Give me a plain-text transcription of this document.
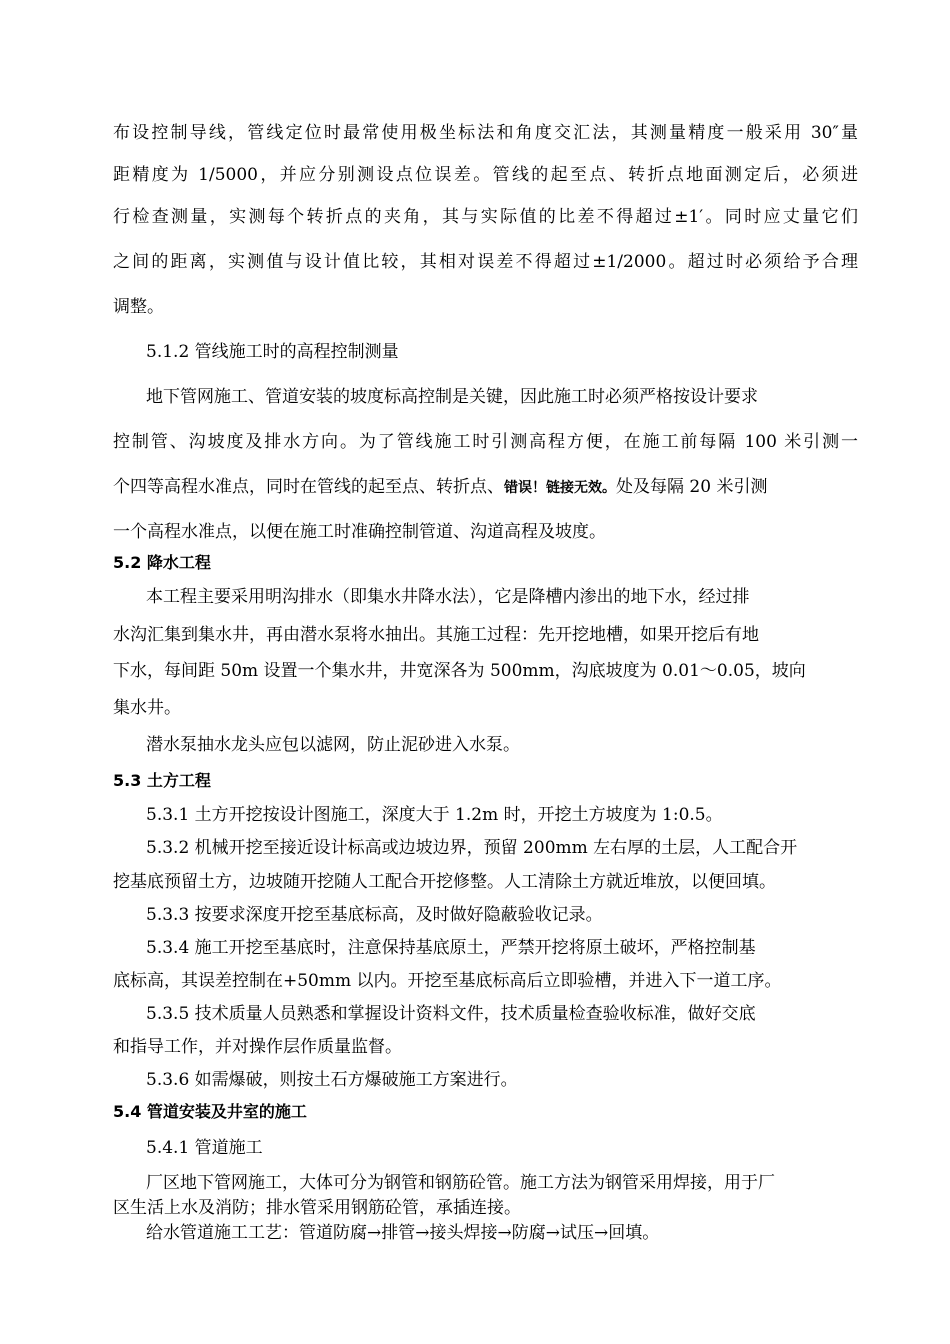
布设控制导线，管线定位时最常使用极坐标法和角度交汇法，其测量精度一般采用 30″量
距精度为 1/5000，并应分别测设点位误差。管线的起至点、转折点地面测定后，必须进
行检查测量，实测每个转折点的夹角，其与实际值的比差不得超过±1′。同时应丈量它们
之间的距离，实测值与设计值比较，其相对误差不得超过±1/2000。超过时必须给予合理
调整。
5.1.2 管线施工时的高程控制测量
地下管网施工、管道安装的坡度标高控制是关键，因此施工时必须严格按设计要求
控制管、沟坡度及排水方向。为了管线施工时引测高程方便，在施工前每隔 100 米引测一
个四等高程水准点，同时在管线的起至点、转折点、错误！链接无效。处及每隔 20 米引测
一个高程水准点，以便在施工时准确控制管道、沟道高程及坡度。
5.2 降水工程
本工程主要采用明沟排水（即集水井降水法），它是降槽内渗出的地下水，经过排
水沟汇集到集水井，再由潜水泵将水抽出。其施工过程：先开挖地槽，如果开挖后有地
下水，每间距 50m 设置一个集水井，井宽深各为 500mm，沟底坡度为 0.01～0.05，坡向
集水井。
潜水泵抽水龙头应包以滤网，防止泥砂进入水泵。
5.3 土方工程
5.3.1 土方开挖按设计图施工，深度大于 1.2m 时，开挖土方坡度为 1:0.5。
5.3.2 机械开挖至接近设计标高或边坡边界，预留 200mm 左右厚的土层，人工配合开
挖基底预留土方，边坡随开挖随人工配合开挖修整。人工清除土方就近堆放，以便回填。
5.3.3 按要求深度开挖至基底标高，及时做好隐蔽验收记录。
5.3.4 施工开挖至基底时，注意保持基底原土，严禁开挖将原土破坏，严格控制基
底标高，其误差控制在+50mm 以内。开挖至基底标高后立即验槽，并进入下一道工序。
5.3.5 技术质量人员熟悉和掌握设计资料文件，技术质量检查验收标准，做好交底
和指导工作，并对操作层作质量监督。
5.3.6 如需爆破，则按土石方爆破施工方案进行。
5.4 管道安装及井室的施工
5.4.1 管道施工
厂区地下管网施工，大体可分为钢管和钢筋砼管。施工方法为钢管采用焊接，用于厂
区生活上水及消防；排水管采用钢筋砼管，承插连接。
给水管道施工工艺：管道防腐→排管→接头焊接→防腐→试压→回填。
